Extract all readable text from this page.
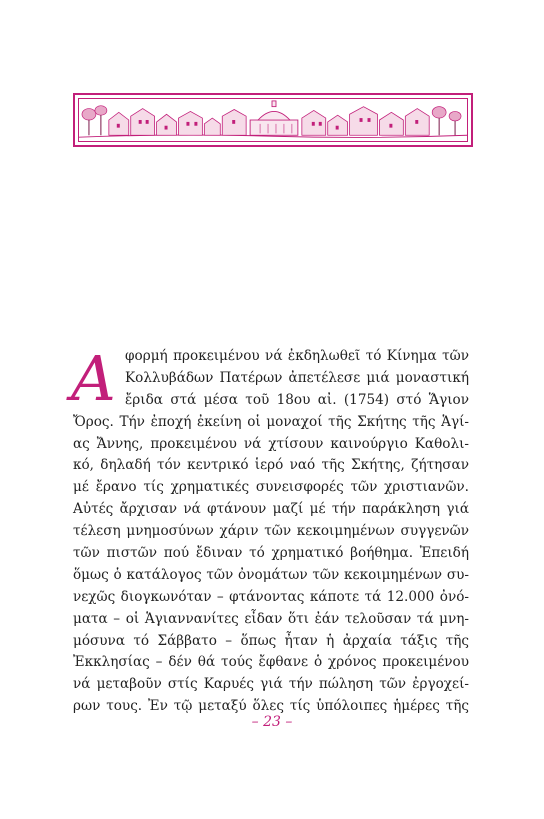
Α φορμή προκειμένου νά ἐκδηλωθεῖ τό Κίνημα τῶν
Κολλυβάδων Πατέρων ἀπετέλεσε μιά μοναστική
ἔριδα στά μέσα τοῦ 18ου αἰ. (1754) στό Ἅγιον
Ὄρος. Τήν ἐποχή ἐκείνη οἱ μοναχοί τῆς Σκήτης τῆς Ἁγί-
ας Ἄννης, προκειμένου νά χτίσουν καινούργιο Καθολι-
κό, δηλαδή τόν κεντρικό ἱερό ναό τῆς Σκήτης, ζήτησαν
μέ ἔρανο τίς χρηματικές συνεισφορές τῶν χριστιανῶν.
Αὐτές ἄρχισαν νά φτάνουν μαζί μέ τήν παράκληση γιά
τέλεση μνημοσύνων χάριν τῶν κεκοιμημένων συγγενῶν
τῶν πιστῶν πού ἔδιναν τό χρηματικό βοήθημα. Ἐπειδή
ὅμως ὁ κατάλογος τῶν ὀνομάτων τῶν κεκοιμημένων συ-
νεχῶς διογκωνόταν – φτάνοντας κάποτε τά 12.000 ὀνό-
ματα – οἱ Ἁγιαννανίτες εἶδαν ὅτι ἐάν τελοῦσαν τά μνη-
μόσυνα τό Σάββατο – ὅπως ἦταν ἡ ἀρχαία τάξις τῆς
Ἐκκλησίας – δέν θά τούς ἔφθανε ὁ χρόνος προκειμένου
νά μεταβοῦν στίς Καρυές γιά τήν πώληση τῶν ἐργοχεί-
ρων τους. Ἐν τῷ μεταξύ ὅλες τίς ὑπόλοιπες ἡμέρες τῆς
– 23 –
